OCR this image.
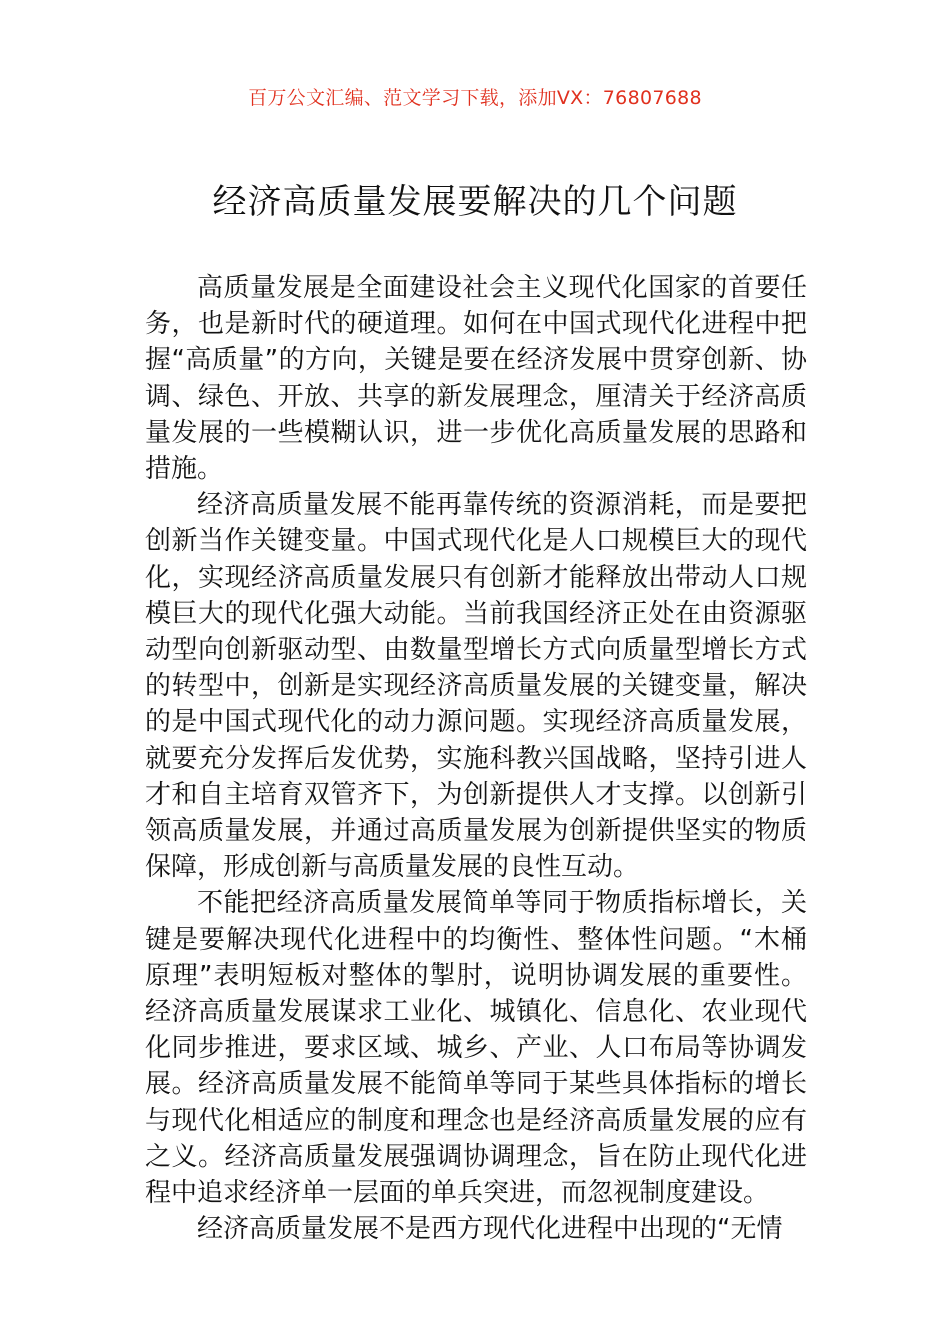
百万公文汇编、范文学习下载，添加VX：76807688
经济高质量发展要解决的几个问题

高质量发展是全面建设社会主义现代化国家的首要任务，也是新时代的硬道理。如何在中国式现代化进程中把握“高质量”的方向，关键是要在经济发展中贯穿创新、协调、绿色、开放、共享的新发展理念，厘清关于经济高质量发展的一些模糊认识，进一步优化高质量发展的思路和措施。

经济高质量发展不能再靠传统的资源消耗，而是要把创新当作关键变量。中国式现代化是人口规模巨大的现代化，实现经济高质量发展只有创新才能释放出带动人口规模巨大的现代化强大动能。当前我国经济正处在由资源驱动型向创新驱动型、由数量型增长方式向质量型增长方式的转型中，创新是实现经济高质量发展的关键变量，解决的是中国式现代化的动力源问题。实现经济高质量发展，就要充分发挥后发优势，实施科教兴国战略，坚持引进人才和自主培育双管齐下，为创新提供人才支撑。以创新引领高质量发展，并通过高质量发展为创新提供坚实的物质保障，形成创新与高质量发展的良性互动。

不能把经济高质量发展简单等同于物质指标增长，关键是要解决现代化进程中的均衡性、整体性问题。“木桶原理”表明短板对整体的掣肘，说明协调发展的重要性。经济高质量发展谋求工业化、城镇化、信息化、农业现代化同步推进，要求区域、城乡、产业、人口布局等协调发展。经济高质量发展不能简单等同于某些具体指标的增长与现代化相适应的制度和理念也是经济高质量发展的应有之义。经济高质量发展强调协调理念，旨在防止现代化进程中追求经济单一层面的单兵突进，而忽视制度建设。

经济高质量发展不是西方现代化进程中出现的“无情
